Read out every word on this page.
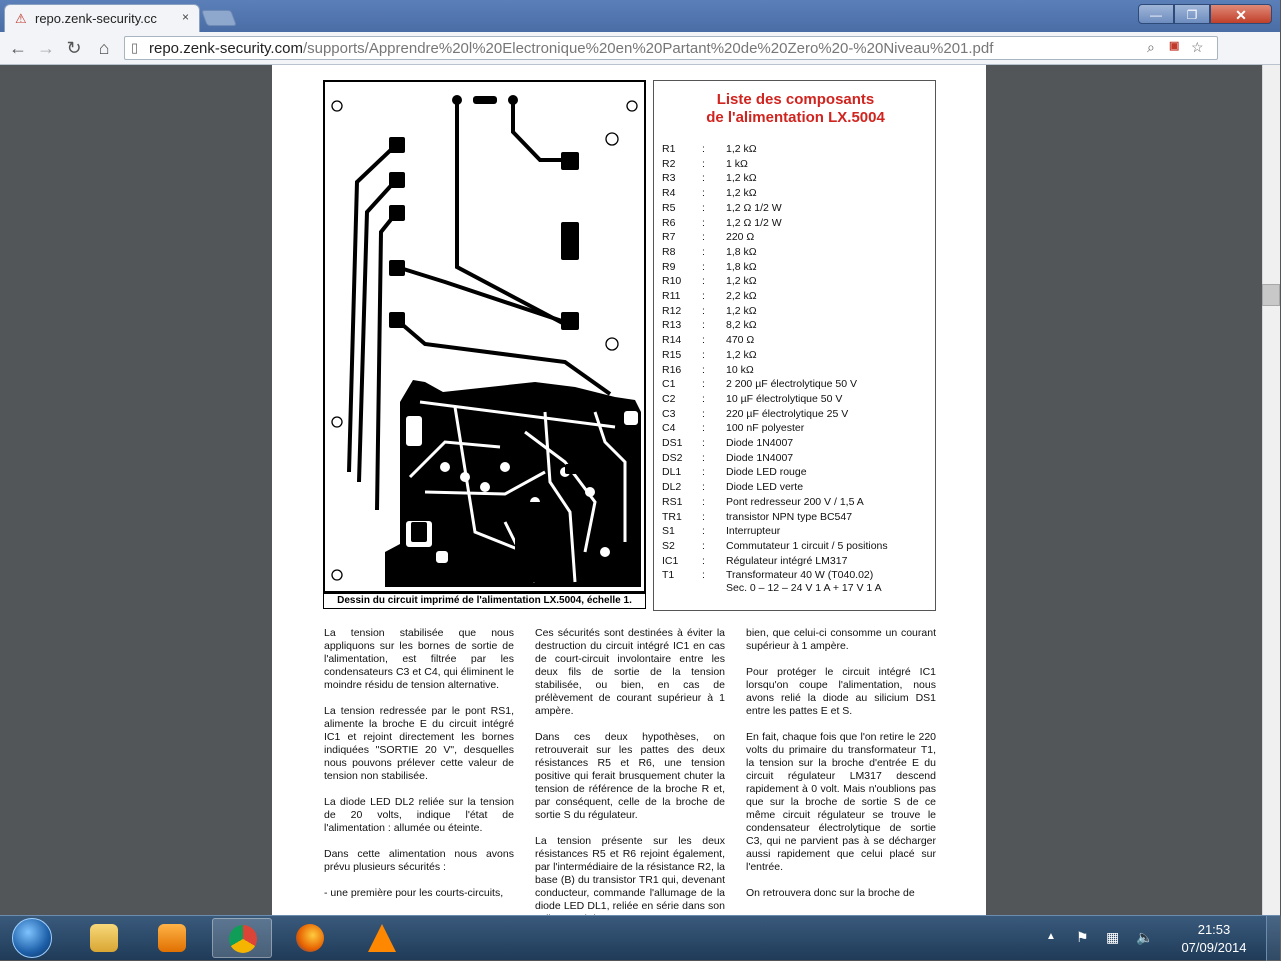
⚠ repo.zenk-security.cc	×	—	❐	✕
← → ↻ ⌂	▯ repo.zenk-security.com/supports/Apprendre%20l%20Electronique%20en%20Partant%20de%20Zero%20-%20Niveau%201.pdf	⌕ ▣ ☆
Dessin du circuit imprimé de l'alimentation LX.5004, échelle 1.
Liste des composants
de l'alimentation LX.5004
R1	: 1,2 kΩ
R2	: 1 kΩ
R3	: 1,2 kΩ
R4	: 1,2 kΩ
R5	: 1,2 Ω 1/2 W
R6	: 1,2 Ω 1/2 W
R7	: 220 Ω
R8	: 1,8 kΩ
R9	: 1,8 kΩ
R10 : 1,2 kΩ
R11 : 2,2 kΩ
R12 : 1,2 kΩ
R13 : 8,2 kΩ
R14 : 470 Ω
R15 : 1,2 kΩ
R16 : 10 kΩ
C1	: 2 200 µF électrolytique 50 V
C2	: 10 µF électrolytique 50 V
C3	: 220 µF électrolytique 25 V
C4	: 100 nF polyester
DS1 : Diode 1N4007
DS2 : Diode 1N4007
DL1 : Diode LED rouge
DL2 : Diode LED verte
RS1 : Pont redresseur 200 V / 1,5 A
TR1 : transistor NPN type BC547
S1	: Interrupteur
S2	: Commutateur 1 circuit / 5 positions
IC1 : Régulateur intégré LM317
T1	: Transformateur 40 W (T040.02)
Sec. 0 – 12 – 24 V 1 A + 17 V 1 A

La tension stabilisée que nous appliquons sur les bornes de sortie de l'alimentation, est filtrée par les condensateurs C3 et C4, qui éliminent le moindre résidu de tension alternative.

La tension redressée par le pont RS1, alimente la broche E du circuit intégré IC1 et rejoint directement les bornes indiquées "SORTIE 20 V", desquelles nous pouvons prélever cette valeur de tension non stabilisée.

La diode LED DL2 reliée sur la tension de 20 volts, indique l'état de l'alimentation : allumée ou éteinte.

Dans cette alimentation nous avons prévu plusieurs sécurités :

- une première pour les courts-circuits,

Ces sécurités sont destinées à éviter la destruction du circuit intégré IC1 en cas de court-circuit involontaire entre les deux fils de sortie de la tension stabilisée, ou bien, en cas de prélèvement de courant supérieur à 1 ampère.

Dans ces deux hypothèses, on retrouverait sur les pattes des deux résistances R5 et R6, une tension positive qui ferait brusquement chuter la tension de référence de la broche R et, par conséquent, celle de la broche de sortie S du régulateur.

La tension présente sur les deux résistances R5 et R6 rejoint également, par l'intermédiaire de la résistance R2, la base (B) du transistor TR1 qui, devenant conducteur, commande l'allumage de la diode LED DL1, reliée en série dans son

bien, que celui-ci consomme un courant supérieur à 1 ampère.

Pour protéger le circuit intégré IC1 lorsqu'on coupe l'alimentation, nous avons relié la diode au silicium DS1 entre les pattes E et S.

En fait, chaque fois que l'on retire le 220 volts du primaire du transformateur T1, la tension sur la broche d'entrée E du circuit régulateur LM317 descend rapidement à 0 volt. Mais n'oublions pas que sur la broche de sortie S de ce même circuit régulateur se trouve le condensateur électrolytique de sortie C3, qui ne parvient pas à se décharger aussi rapidement que celui placé sur l'entrée.

On retrouvera donc sur la broche de

▲ ⚑ ▦ 🔈	21:53
07/09/2014
